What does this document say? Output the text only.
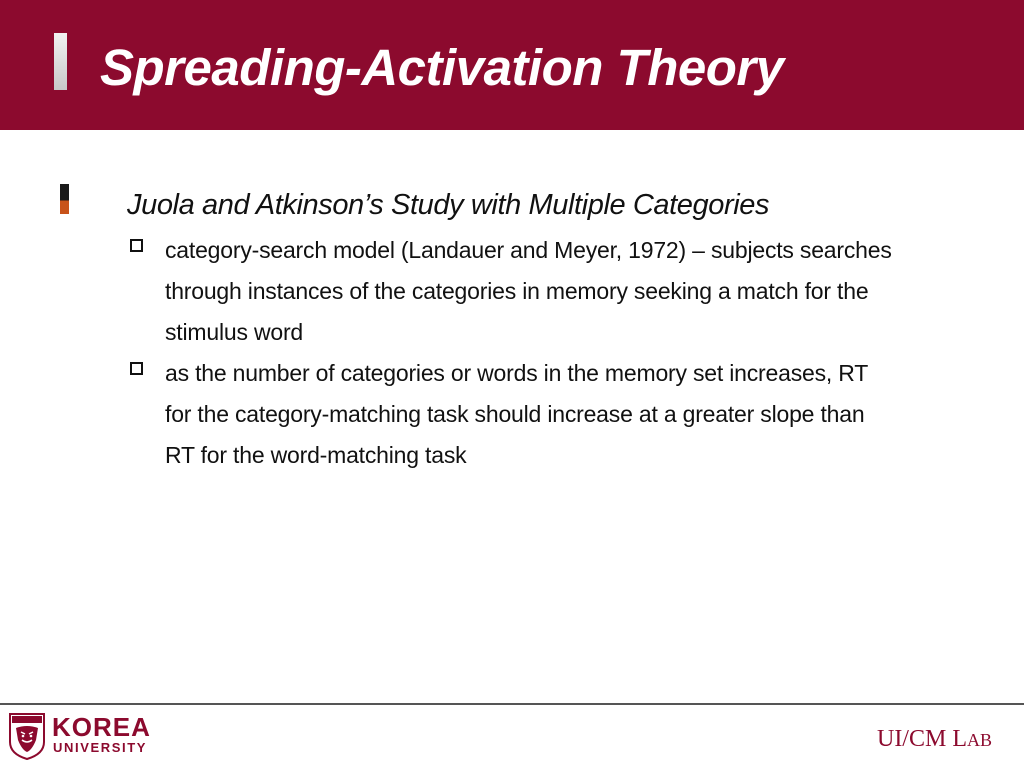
Spreading-Activation Theory
Juola and Atkinson’s Study with Multiple Categories
category-search model (Landauer and Meyer, 1972) – subjects searches
through instances of the categories in memory seeking a match for the
stimulus word
as the number of categories or words in the memory set increases, RT
for the category-matching task should increase at a greater slope than
RT for the word-matching task
KOREA
UNIVERSITY	UI/CM LAB
